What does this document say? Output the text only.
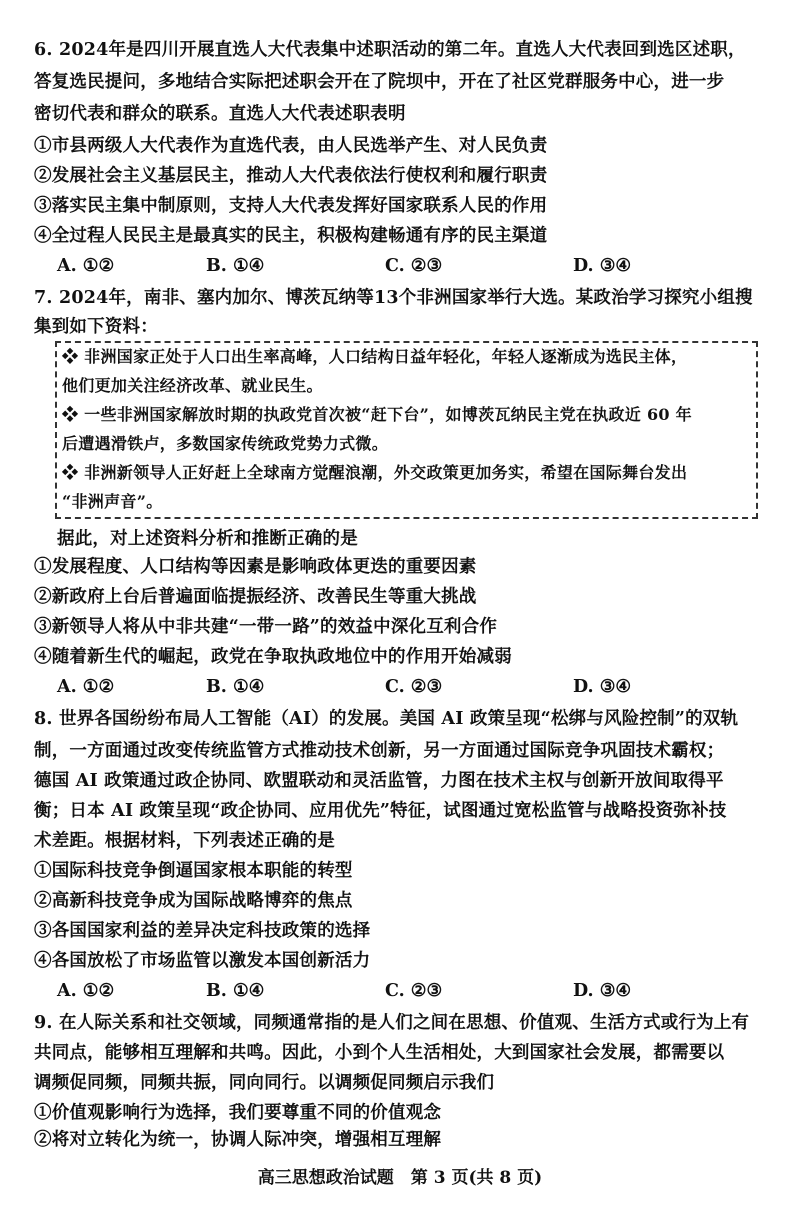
6. 2024年是四川开展直选人大代表集中述职活动的第二年。直选人大代表回到选区述职，
答复选民提问，多地结合实际把述职会开在了院坝中，开在了社区党群服务中心，进一步
密切代表和群众的联系。直选人大代表述职表明
①市县两级人大代表作为直选代表，由人民选举产生、对人民负责
②发展社会主义基层民主，推动人大代表依法行使权利和履行职责
③落实民主集中制原则，支持人大代表发挥好国家联系人民的作用
④全过程人民民主是最真实的民主，积极构建畅通有序的民主渠道
A. ①②	B. ①④	C. ②③	D. ③④
7. 2024年，南非、塞内加尔、博茨瓦纳等13个非洲国家举行大选。某政治学习探究小组搜
集到如下资料：
❖ 非洲国家正处于人口出生率高峰，人口结构日益年轻化，年轻人逐渐成为选民主体，
他们更加关注经济改革、就业民生。
❖ 一些非洲国家解放时期的执政党首次被“赶下台”，如博茨瓦纳民主党在执政近 60 年
后遭遇滑铁卢，多数国家传统政党势力式微。
❖ 非洲新领导人正好赶上全球南方觉醒浪潮，外交政策更加务实，希望在国际舞台发出
“非洲声音”。
据此，对上述资料分析和推断正确的是
①发展程度、人口结构等因素是影响政体更迭的重要因素
②新政府上台后普遍面临提振经济、改善民生等重大挑战
③新领导人将从中非共建“一带一路”的效益中深化互利合作
④随着新生代的崛起，政党在争取执政地位中的作用开始减弱
A. ①②	B. ①④	C. ②③	D. ③④
8. 世界各国纷纷布局人工智能（AI）的发展。美国 AI 政策呈现“松绑与风险控制”的双轨
制，一方面通过改变传统监管方式推动技术创新，另一方面通过国际竞争巩固技术霸权；
德国 AI 政策通过政企协同、欧盟联动和灵活监管，力图在技术主权与创新开放间取得平
衡；日本 AI 政策呈现“政企协同、应用优先”特征，试图通过宽松监管与战略投资弥补技
术差距。根据材料，下列表述正确的是
①国际科技竞争倒逼国家根本职能的转型
②高新科技竞争成为国际战略博弈的焦点
③各国国家利益的差异决定科技政策的选择
④各国放松了市场监管以激发本国创新活力
A. ①②	B. ①④	C. ②③	D. ③④
9. 在人际关系和社交领域，同频通常指的是人们之间在思想、价值观、生活方式或行为上有
共同点，能够相互理解和共鸣。因此，小到个人生活相处，大到国家社会发展，都需要以
调频促同频，同频共振，同向同行。以调频促同频启示我们
①价值观影响行为选择，我们要尊重不同的价值观念
②将对立转化为统一，协调人际冲突，增强相互理解
高三思想政治试题　第 3 页(共 8 页)
